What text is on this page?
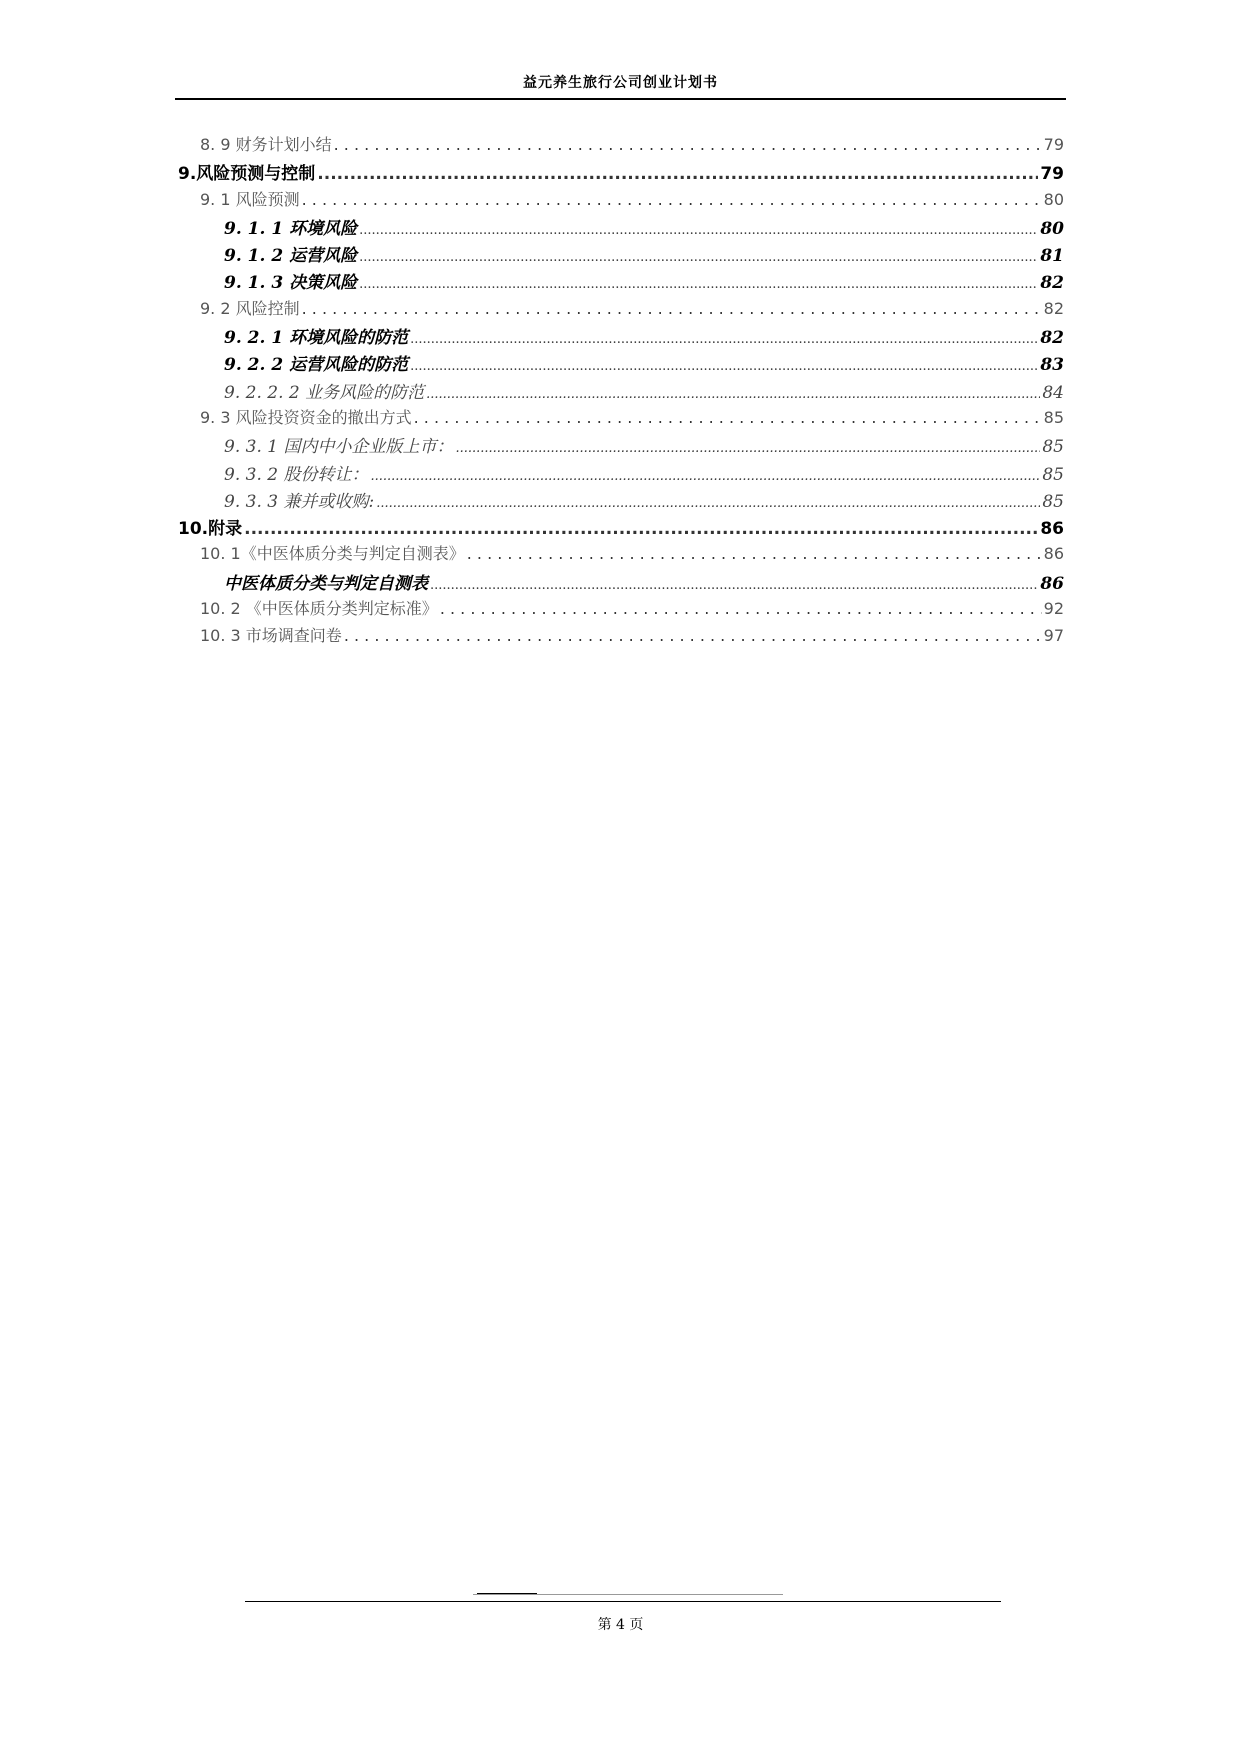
益元养生旅行公司创业计划书
8. 9 财务计划小结 . . .	79
9. 风险预测与控制 .....	79
9. 1 风险预测 . . .	80
9. 1. 1 环境风险 .....	80
9. 1. 2 运营风险 .....	81
9. 1. 3 决策风险 .....	82
9. 2 风险控制 . . .	82
9. 2. 1 环境风险的防范 .....	82
9. 2. 2 运营风险的防范 .....	83
9. 2. 2. 2 业务风险的防范 .....	84
9. 3 风险投资资金的撤出方式 . . .	85
9. 3. 1 国内中小企业版上市： .....	85
9. 3. 2 股份转让： .....	85
9. 3. 3 兼并或收购: .....	85
10. 附录 .....	86
10. 1《中医体质分类与判定自测表》 . . .	86
中医体质分类与判定自测表 .....	86
10. 2 《中医体质分类判定标准》 . . .	92
10. 3 市场调查问卷 . . .	97
第 4 页
